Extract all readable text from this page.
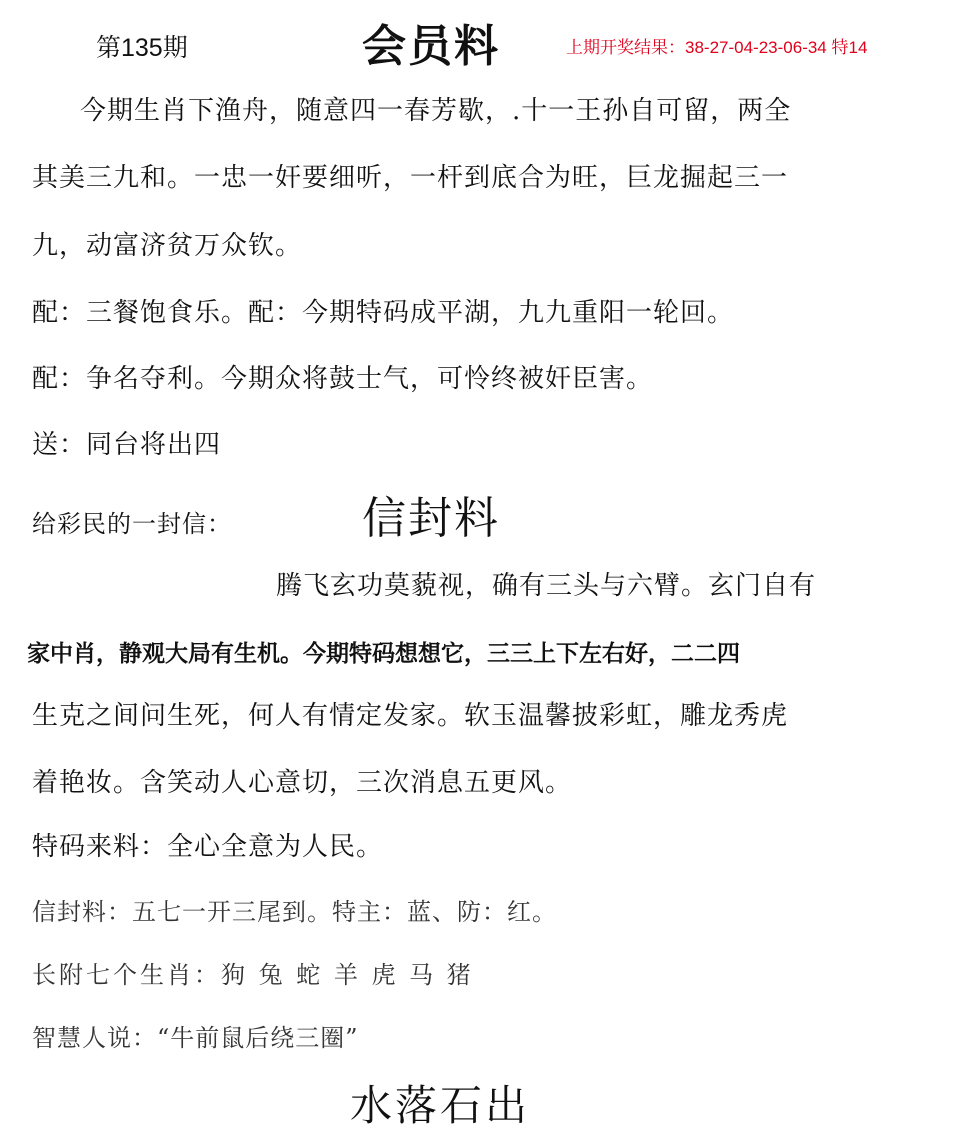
第135期	会员料	上期开奖结果：38-27-04-23-06-34 特14
今期生肖下渔舟，随意四一春芳歇，.十一王孙自可留，两全
其美三九和。一忠一奸要细听，一杆到底合为旺，巨龙掘起三一
九，动富济贫万众钦。
配：三餐饱食乐。配：今期特码成平湖，九九重阳一轮回。
配：争名夺利。今期众将鼓士气，可怜终被奸臣害。
送：同台将出四
给彩民的一封信：	信封料
腾飞玄功莫藐视，确有三头与六臂。玄门自有
家中肖，静观大局有生机。今期特码想想它，三三上下左右好，二二四
生克之间问生死，何人有情定发家。软玉温馨披彩虹，雕龙秀虎
着艳妆。含笑动人心意切，三次消息五更风。
特码来料：全心全意为人民。
信封料：五七一开三尾到。特主：蓝、防：红。
长附七个生肖：狗 兔 蛇 羊 虎 马 猪
智慧人说：“牛前鼠后绕三圈”
水落石出
